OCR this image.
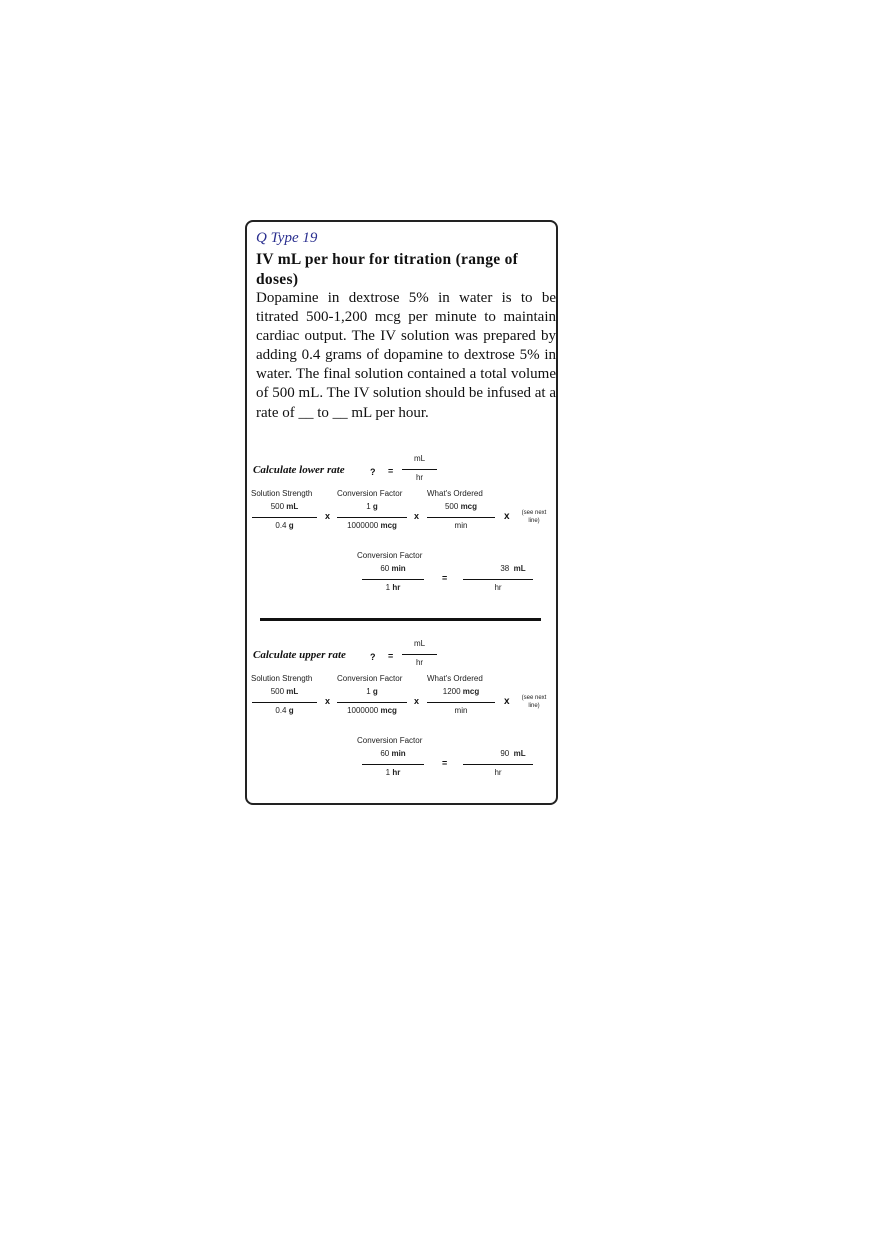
Q Type 19
IV mL per hour for titration (range of doses)
Dopamine in dextrose 5% in water is to be titrated 500-1,200 mcg per minute to maintain cardiac output. The IV solution was prepared by adding 0.4 grams of dopamine to dextrose 5% in water. The final solution contained a total volume of 500 mL. The IV solution should be infused at a rate of __ to __ mL per hour.
Calculate lower rate	? =
mL
hr
Solution Strength	Conversion Factor	What's Ordered
500 mL
0.4 g
x
1 g
1000000 mcg
x
500 mcg
min
x	(see next line)
Conversion Factor
60 min
1 hr
=
38 mL
hr
Calculate upper rate	? =
mL
hr
Solution Strength	Conversion Factor	What's Ordered
500 mL
0.4 g
x
1 g
1000000 mcg
x
1200 mcg
min
x	(see next line)
Conversion Factor
60 min
1 hr
=
90 mL
hr
